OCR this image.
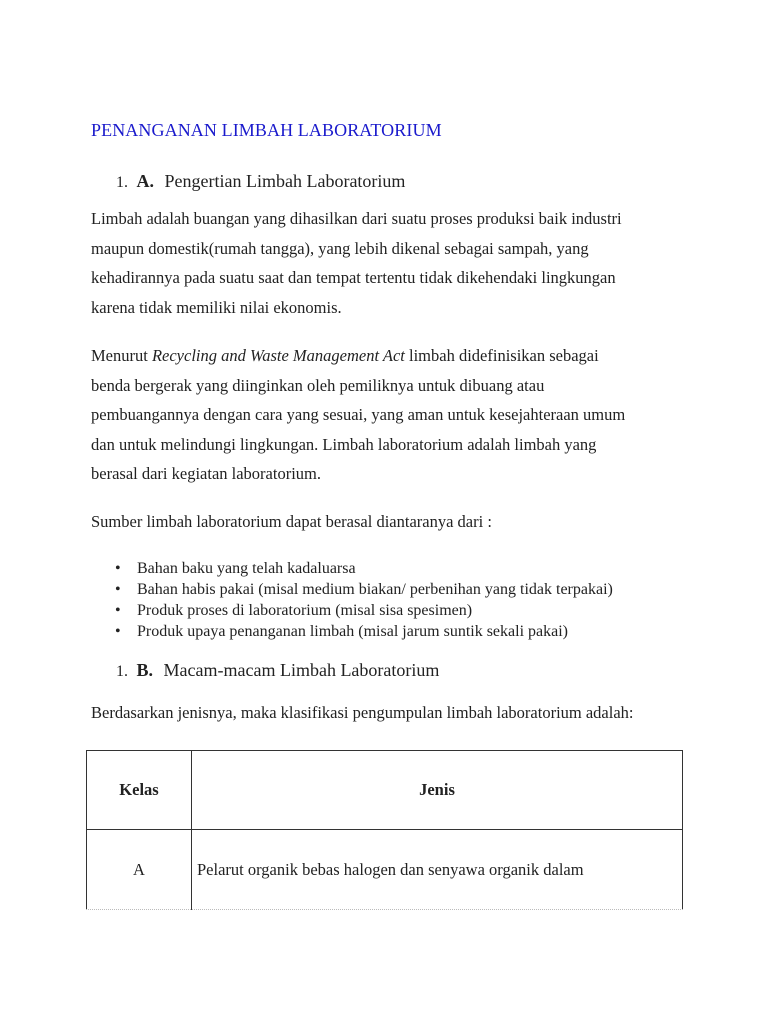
PENANGANAN LIMBAH LABORATORIUM
1. A. Pengertian Limbah Laboratorium

Limbah adalah buangan yang dihasilkan dari suatu proses produksi baik industri
maupun domestik(rumah tangga), yang lebih dikenal sebagai sampah, yang
kehadirannya pada suatu saat dan tempat tertentu tidak dikehendaki lingkungan
karena tidak memiliki nilai ekonomis.

Menurut Recycling and Waste Management Act limbah didefinisikan sebagai
benda bergerak yang diinginkan oleh pemiliknya untuk dibuang atau
pembuangannya dengan cara yang sesuai, yang aman untuk kesejahteraan umum
dan untuk melindungi lingkungan. Limbah laboratorium adalah limbah yang
berasal dari kegiatan laboratorium.

Sumber limbah laboratorium dapat berasal diantaranya dari :
• Bahan baku yang telah kadaluarsa
• Bahan habis pakai (misal medium biakan/ perbenihan yang tidak terpakai)
• Produk proses di laboratorium (misal sisa spesimen)
• Produk upaya penanganan limbah (misal jarum suntik sekali pakai)
1. B. Macam-macam Limbah Laboratorium
Berdasarkan jenisnya, maka klasifikasi pengumpulan limbah laboratorium adalah:
Kelas	Jenis
A	Pelarut organik bebas halogen dan senyawa organik dalam
